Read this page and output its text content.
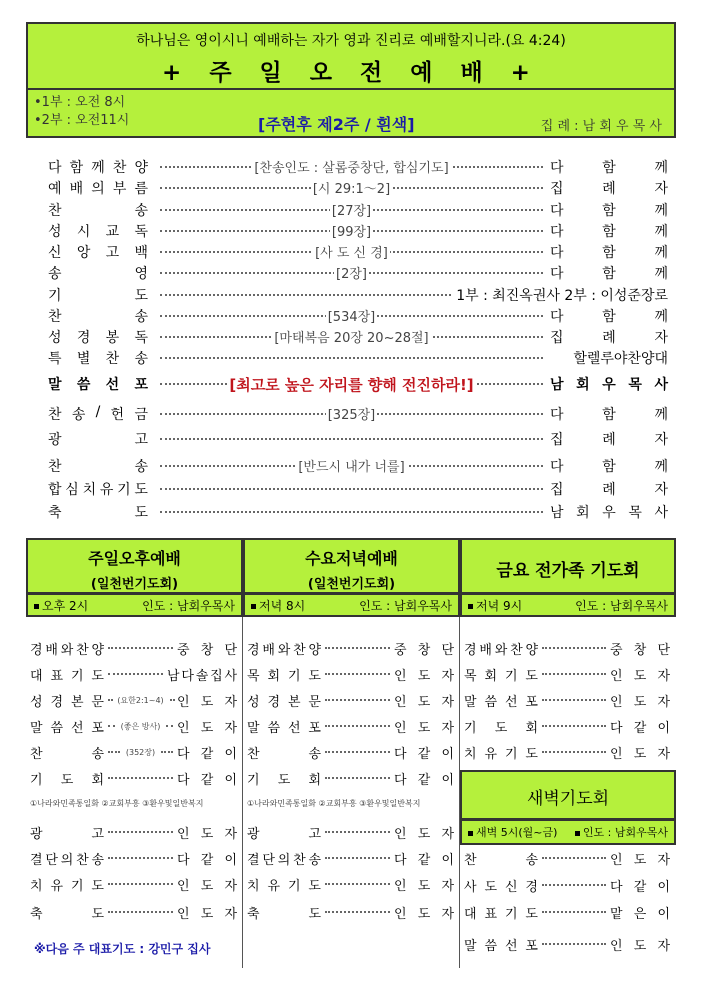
하나님은 영이시니 예배하는 자가 영과 진리로 예배할지니라.(요 4:24)
+ 주 일 오 전 예 배 +
•1부 : 오전 8시
•2부 : 오전11시	[주현후 제2주 / 흰색]	집 례 : 남 회 우 목 사
다 함 께 찬 양	[찬송인도 : 살롬중창단, 합심기도]	다	함	께
예 배 의 부 름	[시 29:1～2]	집	례	자
찬	송	[27장]	다	함	께
성 시 교 독	[99장]	다	함	께
신 앙 고 백	[사 도 신 경]	다	함	께
송	영	[2장]	다	함	께
기	도	1부 : 최진옥권사 2부 : 이성준장로
찬	송	[534장]	다	함	께
성 경 봉 독	[마태복음 20장 20~28절]	집	례	자
특 별 찬 송	할렐루야찬양대
말 씀 선 포	[최고로 높은 자리를 향해 전진하라!]	남 회 우 목 사
찬 송 / 헌 금	[325장]	다	함	께
광	고	집	례	자
찬	송	[반드시 내가 너를]	다	함	께
합 심 치 유 기 도	집	례	자
축	도	남 회 우 목 사
주일오후예배
(일천번기도회)
오후 2시	인도 : 남회우목사
경 배 와 찬 양	중 창 단
대 표 기 도	남 다 솔 집 사
성 경 본 문 (요한2:1~4) 인 도 자
말 씀 선 포 (좋은 방사) 인 도 자
찬	송	(352장) 다 같 이
기 도 회	다 같 이
①나라와민족통일화 ②교회부흥 ③환우및일반복지
광	고	인 도 자
결 단 의 찬 송	다 같 이
치 유 기 도	인 도 자
축	도	인 도 자
※다음 주 대표기도 : 강민구 집사
수요저녁예배
(일천번기도회)
저녁 8시	인도 : 남회우목사
경 배 와 찬 양	중 창 단
목 회 기 도	인 도 자
성 경 본 문	인 도 자
말 씀 선 포	인 도 자
찬	송	다 같 이
기 도 회	다 같 이
①나라와민족통일화 ②교회부흥 ③환우및일반복지
광	고	인 도 자
결 단 의 찬 송	다 같 이
치 유 기 도	인 도 자
축	도	인 도 자
금요 전가족 기도회
저녁 9시	인도 : 남회우목사
경 배 와 찬 양	중 창 단
목 회 기 도	인 도 자
말 씀 선 포	인 도 자
기 도 회	다 같 이
치 유 기 도	인 도 자
새벽기도회
새벽 5시(월~금)	인도 : 남회우목사
찬	송	인 도 자
사 도 신 경	다 같 이
대 표 기 도	맡 은 이
말 씀 선 포	인 도 자
